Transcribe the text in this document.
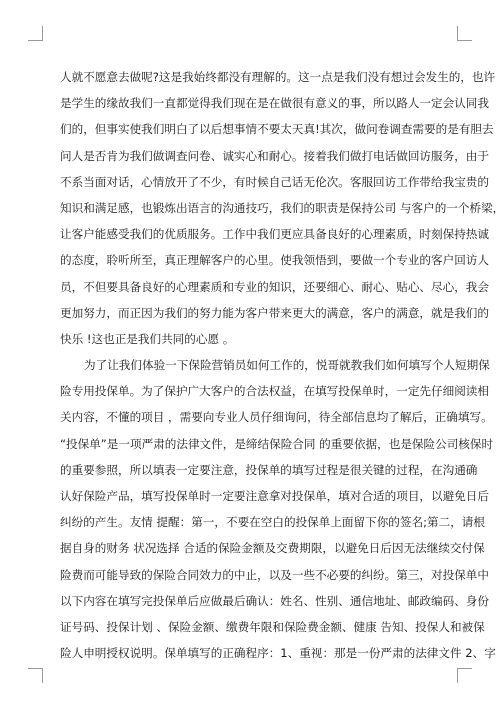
人就不愿意去做呢?这是我始终都没有理解的。这一点是我们没有想过会发生的，也许
是学生的缘故我们一直都觉得我们现在是在做很有意义的事，所以路人一定会认同我
们的，但事实使我们明白了以后想事情不要太天真!其次，做问卷调查需要的是有胆去
问人是否肯为我们做调查问卷、诚实心和耐心。接着我们做打电话做回访服务，由于
不系当面对话，心情放开了不少，有时候自己话无伦次。客服回访工作带给我宝贵的
知识和满足感，也锻炼出语言的沟通技巧，我们的职责是保持公司 与客户的一个桥梁，
让客户能感受我们的优质服务。工作中我们更应具备良好的心理素质，时刻保持热诚
的态度，聆听所至，真正理解客户的心里。使我领悟到，要做一个专业的客户回访人
员，不但要具备良好的心理素质和专业的知识，还要细心、耐心、贴心、尽心，我会
更加努力，而正因为我们的努力能为客户带来更大的满意，客户的满意，就是我们的
快乐 !这也正是我们共同的心愿 。
为了让我们体验一下保险营销员如何工作的，悦哥就教我们如何填写个人短期保
险专用投保单。为了保护广大客户的合法权益，在填写投保单时，一定先仔细阅读相
关内容，不懂的项目 ，需要向专业人员仔细询问，待全部信息均了解后，正确填写。
“投保单”是一项严肃的法律文件，是缔结保险合同 的重要依据，也是保险公司核保时
的重要参照，所以填表一定要注意，投保单的填写过程是很关键的过程，在沟通确
认好保险产品，填写投保单时一定要注意拿对投保单，填对合适的项目，以避免日后
纠纷的产生。友情 提醒：第一，不要在空白的投保单上面留下你的签名;第二，请根
据自身的财务 状况选择 合适的保险金额及交费期限，以避免日后因无法继续交付保
险费而可能导致的保险合同效力的中止，以及一些不必要的纠纷。第三，对投保单中
以下内容在填写完投保单后应做最后确认：姓名、性别、通信地址、邮政编码、身份
证号码、投保计划 、保险金额、缴费年限和保险费金额、健康 告知、投保人和被保
险人申明授权说明。保单填写的正确程序：1、重视：那是一份严肃的法律文件 2、字
